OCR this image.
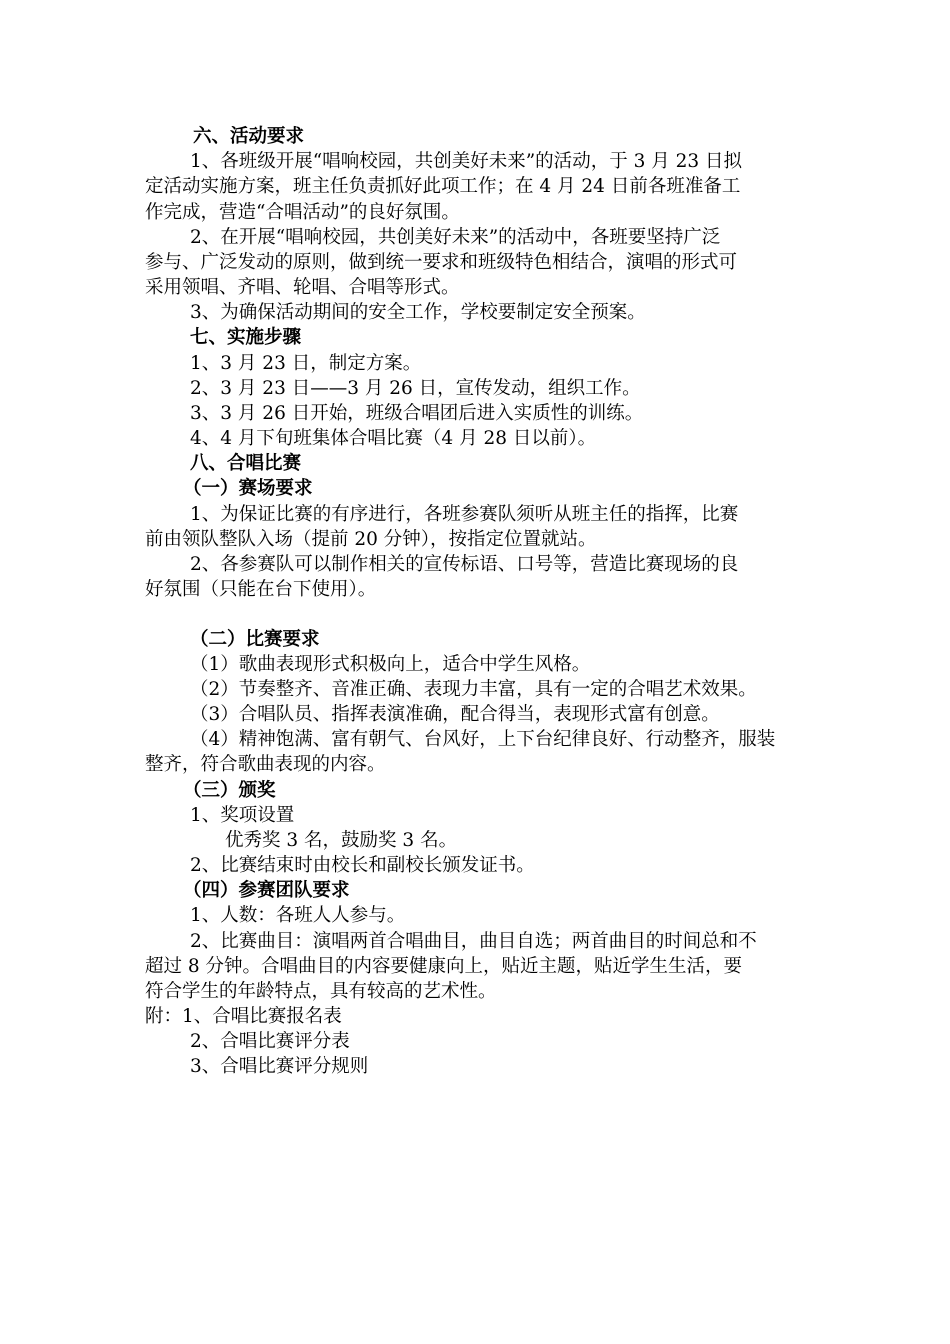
六、活动要求
1、各班级开展“唱响校园，共创美好未来”的活动，于 3 月 23 日拟
定活动实施方案，班主任负责抓好此项工作；在 4 月 24 日前各班准备工
作完成，营造“合唱活动”的良好氛围。
2、在开展“唱响校园，共创美好未来”的活动中，各班要坚持广泛
参与、广泛发动的原则，做到统一要求和班级特色相结合，演唱的形式可
采用领唱、齐唱、轮唱、合唱等形式。
3、为确保活动期间的安全工作，学校要制定安全预案。
七、实施步骤
1、3 月 23 日，制定方案。
2、3 月 23 日——3 月 26 日，宣传发动，组织工作。
3、3 月 26 日开始，班级合唱团后进入实质性的训练。
4、4 月下旬班集体合唱比赛（4 月 28 日以前）。
八、合唱比赛
（一）赛场要求
1、为保证比赛的有序进行，各班参赛队须听从班主任的指挥，比赛
前由领队整队入场（提前 20 分钟），按指定位置就站。
2、各参赛队可以制作相关的宣传标语、口号等，营造比赛现场的良
好氛围（只能在台下使用）。
（二）比赛要求
（1）歌曲表现形式积极向上，适合中学生风格。
（2）节奏整齐、音准正确、表现力丰富，具有一定的合唱艺术效果。
（3）合唱队员、指挥表演准确，配合得当，表现形式富有创意。
（4）精神饱满、富有朝气、台风好，上下台纪律良好、行动整齐，服装
整齐，符合歌曲表现的内容。
（三）颁奖
1、奖项设置
优秀奖 3 名，鼓励奖 3 名。
2、比赛结束时由校长和副校长颁发证书。
（四）参赛团队要求
1、人数：各班人人参与。
2、比赛曲目：演唱两首合唱曲目，曲目自选；两首曲目的时间总和不
超过 8 分钟。合唱曲目的内容要健康向上，贴近主题，贴近学生生活，要
符合学生的年龄特点，具有较高的艺术性。
附：1、合唱比赛报名表
2、合唱比赛评分表
3、合唱比赛评分规则
